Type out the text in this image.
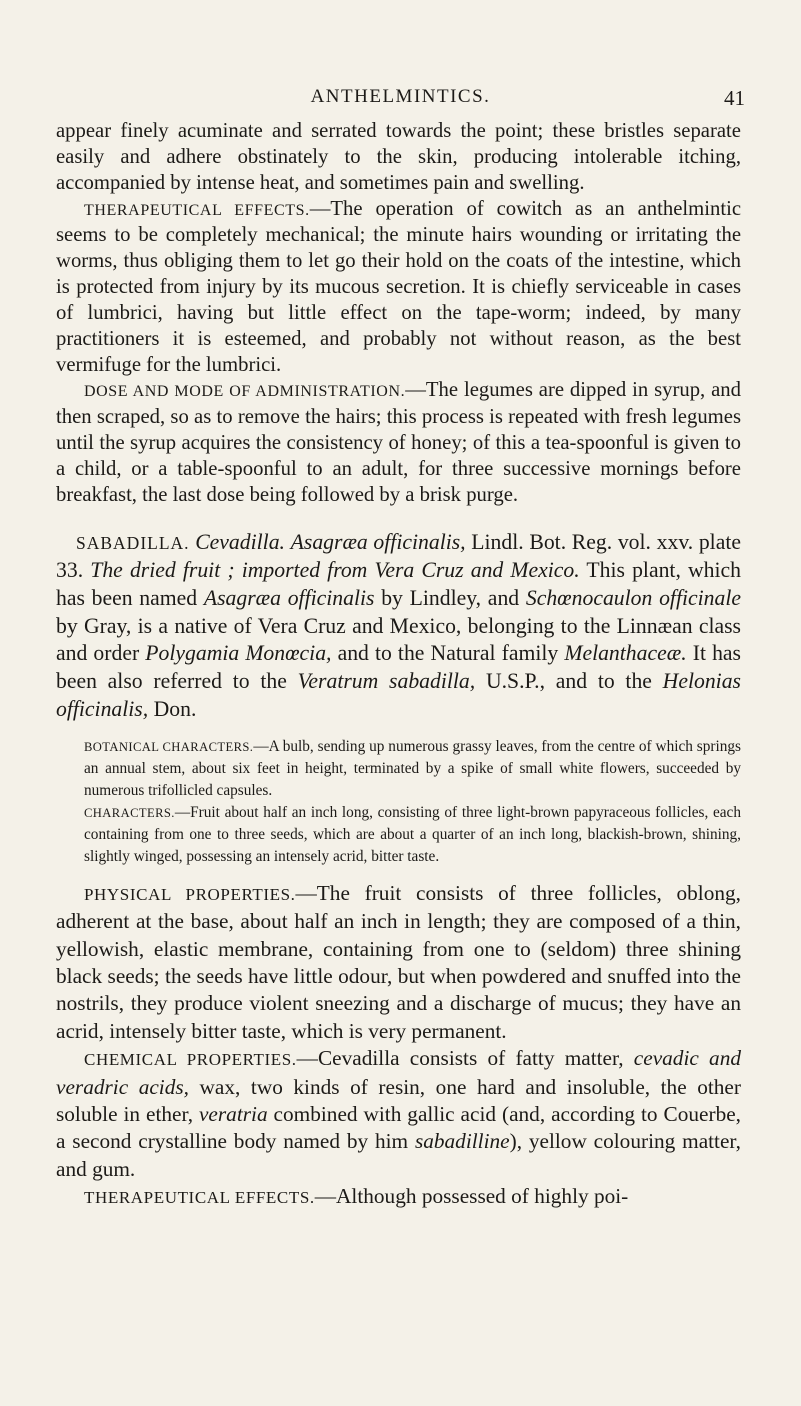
ANTHELMINTICS.	41

appear finely acuminate and serrated towards the point; these bristles separate easily and adhere obstinately to the skin, producing intolerable itching, accompanied by intense heat, and sometimes pain and swelling.

THERAPEUTICAL EFFECTS.—The operation of cowitch as an anthelmintic seems to be completely mechanical; the minute hairs wounding or irritating the worms, thus obliging them to let go their hold on the coats of the intestine, which is protected from injury by its mucous secretion. It is chiefly serviceable in cases of lumbrici, having but little effect on the tape-worm; indeed, by many practitioners it is esteemed, and probably not without reason, as the best vermifuge for the lumbrici.

DOSE AND MODE OF ADMINISTRATION.—The legumes are dipped in syrup, and then scraped, so as to remove the hairs; this process is repeated with fresh legumes until the syrup acquires the consistency of honey; of this a tea-spoonful is given to a child, or a table-spoonful to an adult, for three successive mornings before breakfast, the last dose being followed by a brisk purge.

SABADILLA. Cevadilla. Asagræa officinalis, Lindl. Bot. Reg. vol. xxv. plate 33. The dried fruit ; imported from Vera Cruz and Mexico. This plant, which has been named Asagræa officinalis by Lindley, and Schœnocaulon officinale by Gray, is a native of Vera Cruz and Mexico, belonging to the Linnæan class and order Polygamia Monœcia, and to the Natural family Melanthaceæ. It has been also referred to the Veratrum sabadilla, U.S.P., and to the Helonias officinalis, Don.

BOTANICAL CHARACTERS.—A bulb, sending up numerous grassy leaves, from the centre of which springs an annual stem, about six feet in height, terminated by a spike of small white flowers, succeeded by numerous trifollicled capsules.

CHARACTERS.—Fruit about half an inch long, consisting of three light-brown papyraceous follicles, each containing from one to three seeds, which are about a quarter of an inch long, blackish-brown, shining, slightly winged, possessing an intensely acrid, bitter taste.

PHYSICAL PROPERTIES.—The fruit consists of three follicles, oblong, adherent at the base, about half an inch in length; they are composed of a thin, yellowish, elastic membrane, containing from one to (seldom) three shining black seeds; the seeds have little odour, but when powdered and snuffed into the nostrils, they produce violent sneezing and a discharge of mucus; they have an acrid, intensely bitter taste, which is very permanent.

CHEMICAL PROPERTIES.—Cevadilla consists of fatty matter, cevadic and veradric acids, wax, two kinds of resin, one hard and insoluble, the other soluble in ether, veratria combined with gallic acid (and, according to Couerbe, a second crystalline body named by him sabadilline), yellow colouring matter, and gum.

THERAPEUTICAL EFFECTS.—Although possessed of highly poi-
